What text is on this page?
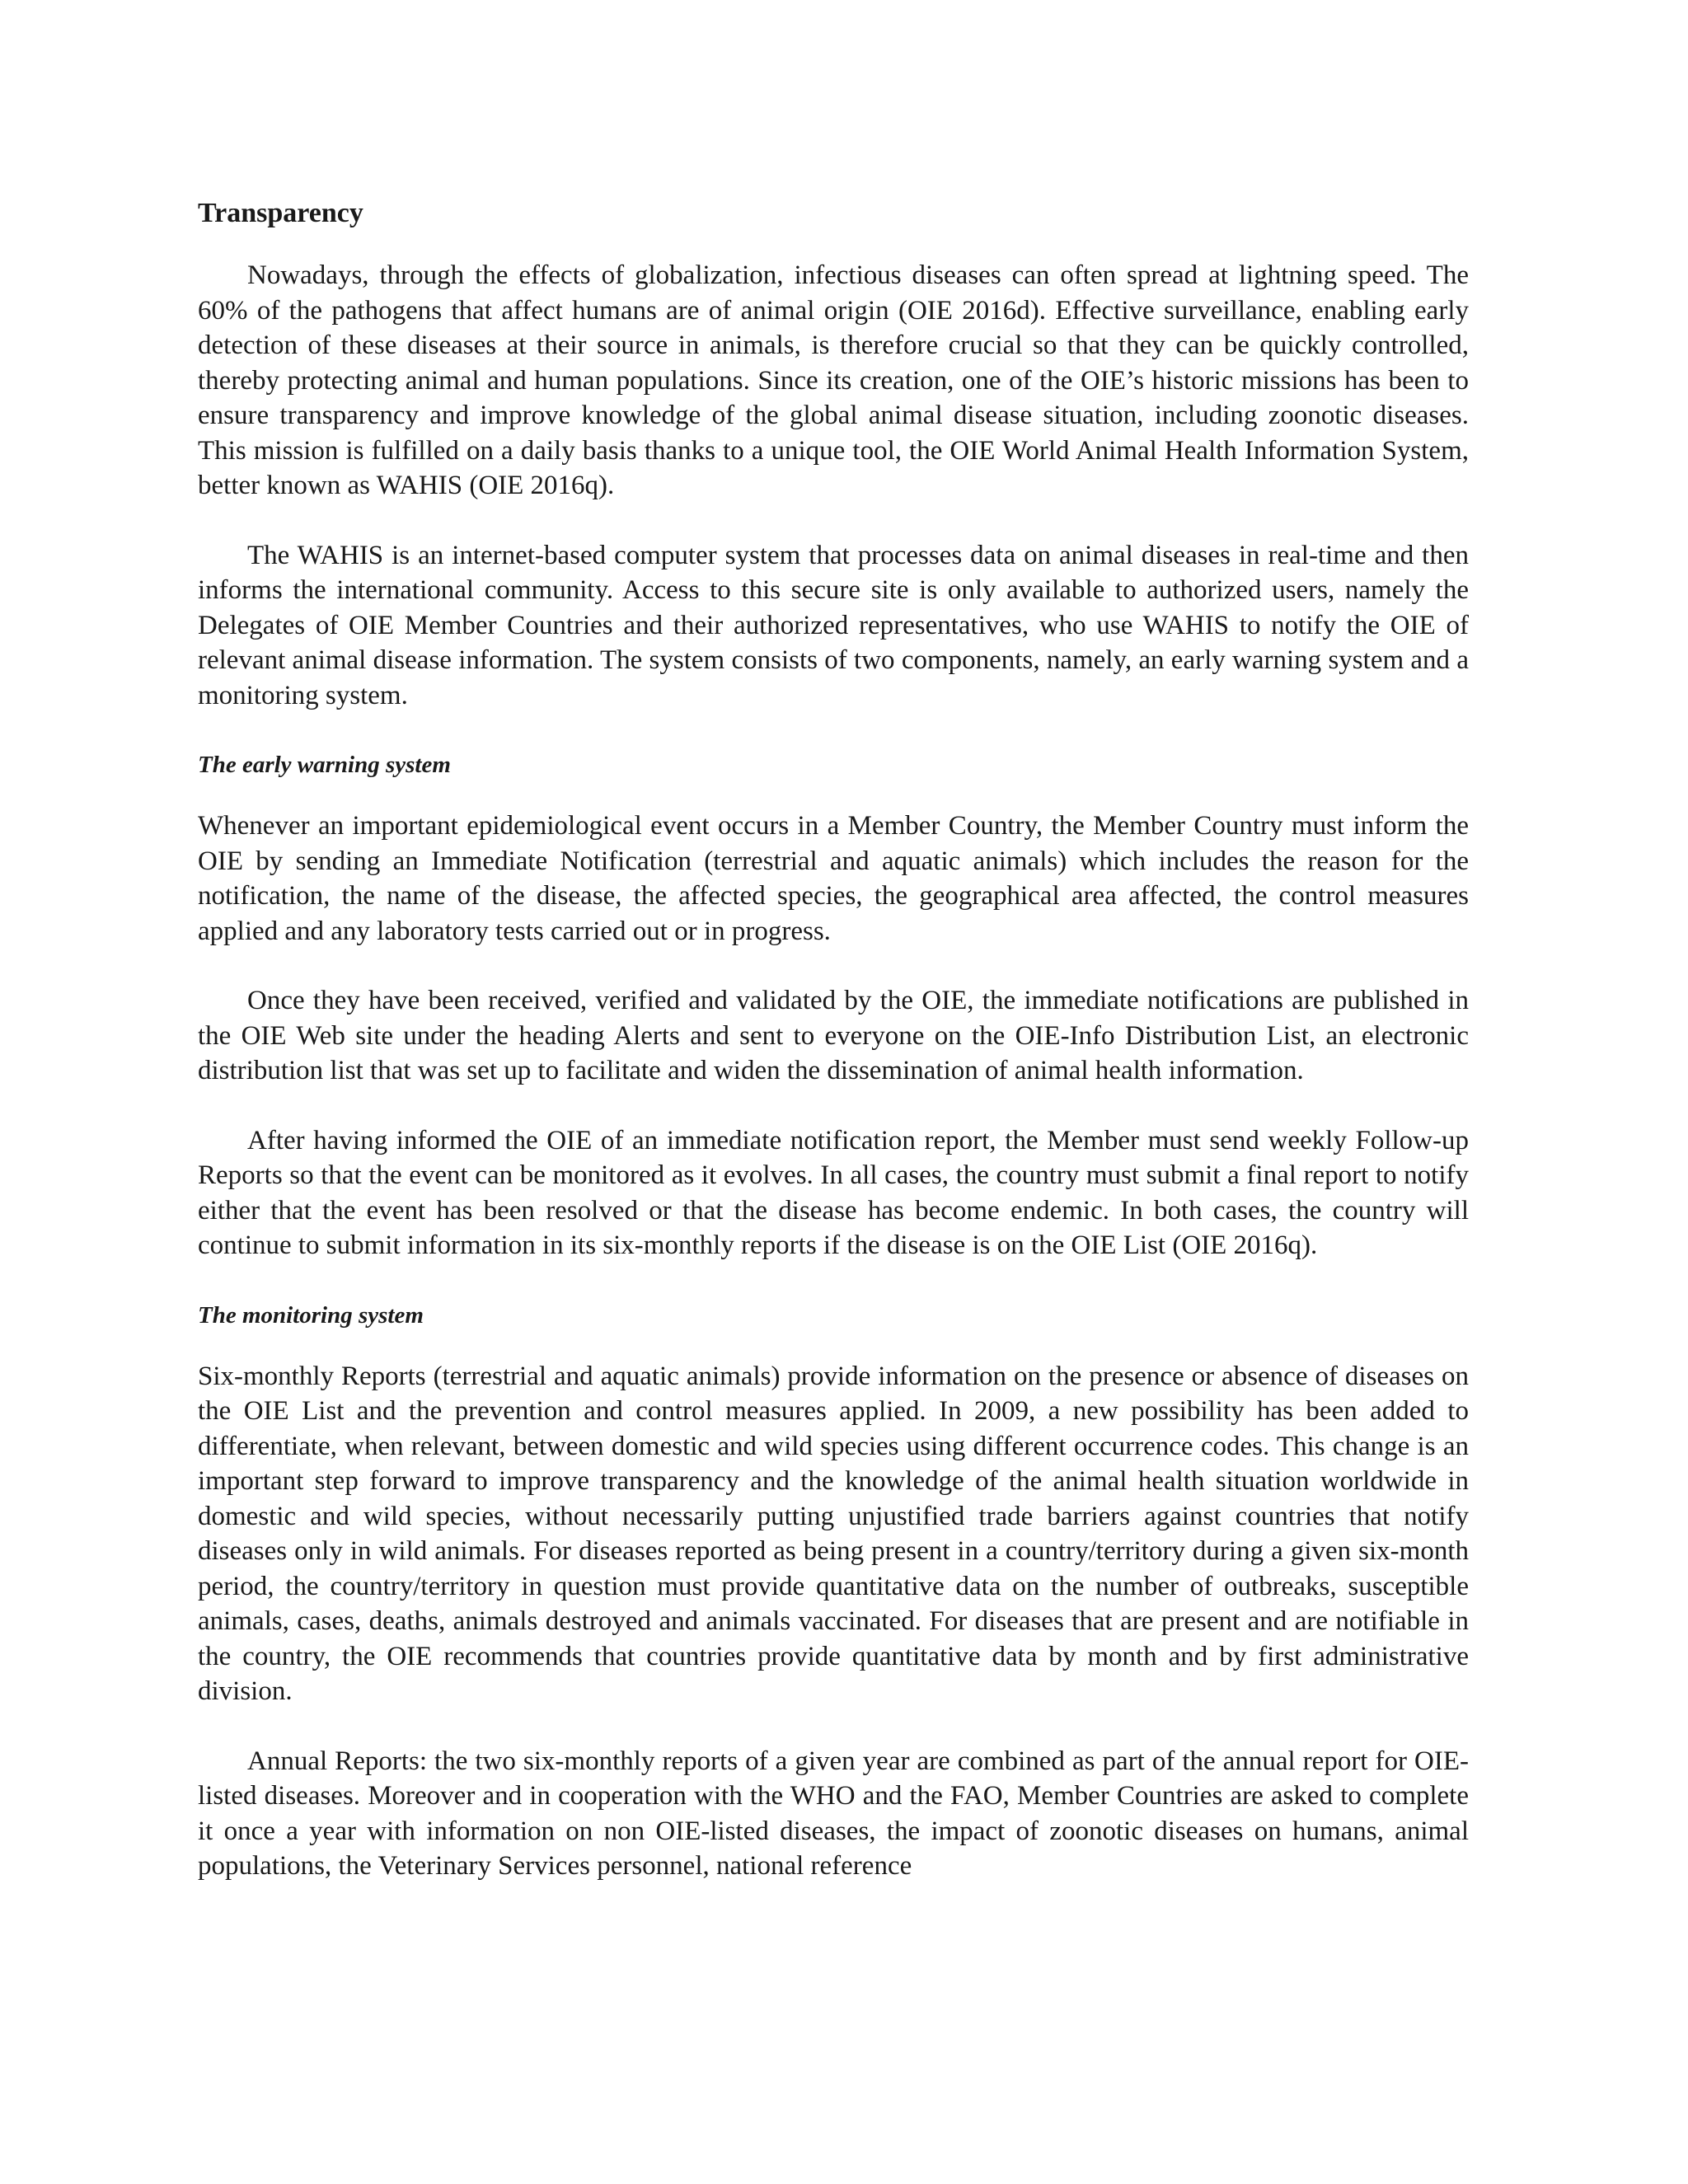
Transparency

Nowadays, through the effects of globalization, infectious diseases can often spread at lightning speed. The 60% of the pathogens that affect humans are of animal origin (OIE 2016d). Effective surveillance, enabling early detection of these diseases at their source in animals, is therefore crucial so that they can be quickly controlled, thereby protecting animal and human populations. Since its creation, one of the OIE’s historic missions has been to ensure transparency and improve knowledge of the global animal disease situation, including zoonotic diseases. This mission is fulfilled on a daily basis thanks to a unique tool, the OIE World Animal Health Information System, better known as WAHIS (OIE 2016q).

The WAHIS is an internet-based computer system that processes data on animal diseases in real-time and then informs the international community. Access to this secure site is only available to authorized users, namely the Delegates of OIE Member Countries and their authorized representatives, who use WAHIS to notify the OIE of relevant animal disease information. The system consists of two components, namely, an early warning system and a monitoring system.

The early warning system

Whenever an important epidemiological event occurs in a Member Country, the Member Country must inform the OIE by sending an Immediate Notification (terrestrial and aquatic animals) which includes the reason for the notification, the name of the disease, the affected species, the geographical area affected, the control measures applied and any laboratory tests carried out or in progress.

Once they have been received, verified and validated by the OIE, the immediate notifications are published in the OIE Web site under the heading Alerts and sent to everyone on the OIE-Info Distribution List, an electronic distribution list that was set up to facilitate and widen the dissemination of animal health information.

After having informed the OIE of an immediate notification report, the Member must send weekly Follow-up Reports so that the event can be monitored as it evolves. In all cases, the country must submit a final report to notify either that the event has been resolved or that the disease has become endemic. In both cases, the country will continue to submit information in its six-monthly reports if the disease is on the OIE List (OIE 2016q).

The monitoring system

Six-monthly Reports (terrestrial and aquatic animals) provide information on the presence or absence of diseases on the OIE List and the prevention and control measures applied. In 2009, a new possibility has been added to differentiate, when relevant, between domestic and wild species using different occurrence codes. This change is an important step forward to improve transparency and the knowledge of the animal health situation worldwide in domestic and wild species, without necessarily putting unjustified trade barriers against countries that notify diseases only in wild animals. For diseases reported as being present in a country/territory during a given six-month period, the country/territory in question must provide quantitative data on the number of outbreaks, susceptible animals, cases, deaths, animals destroyed and animals vaccinated. For diseases that are present and are notifiable in the country, the OIE recommends that countries provide quantitative data by month and by first administrative division.

Annual Reports: the two six-monthly reports of a given year are combined as part of the annual report for OIE-listed diseases. Moreover and in cooperation with the WHO and the FAO, Member Countries are asked to complete it once a year with information on non OIE-listed diseases, the impact of zoonotic diseases on humans, animal populations, the Veterinary Services personnel, national reference
